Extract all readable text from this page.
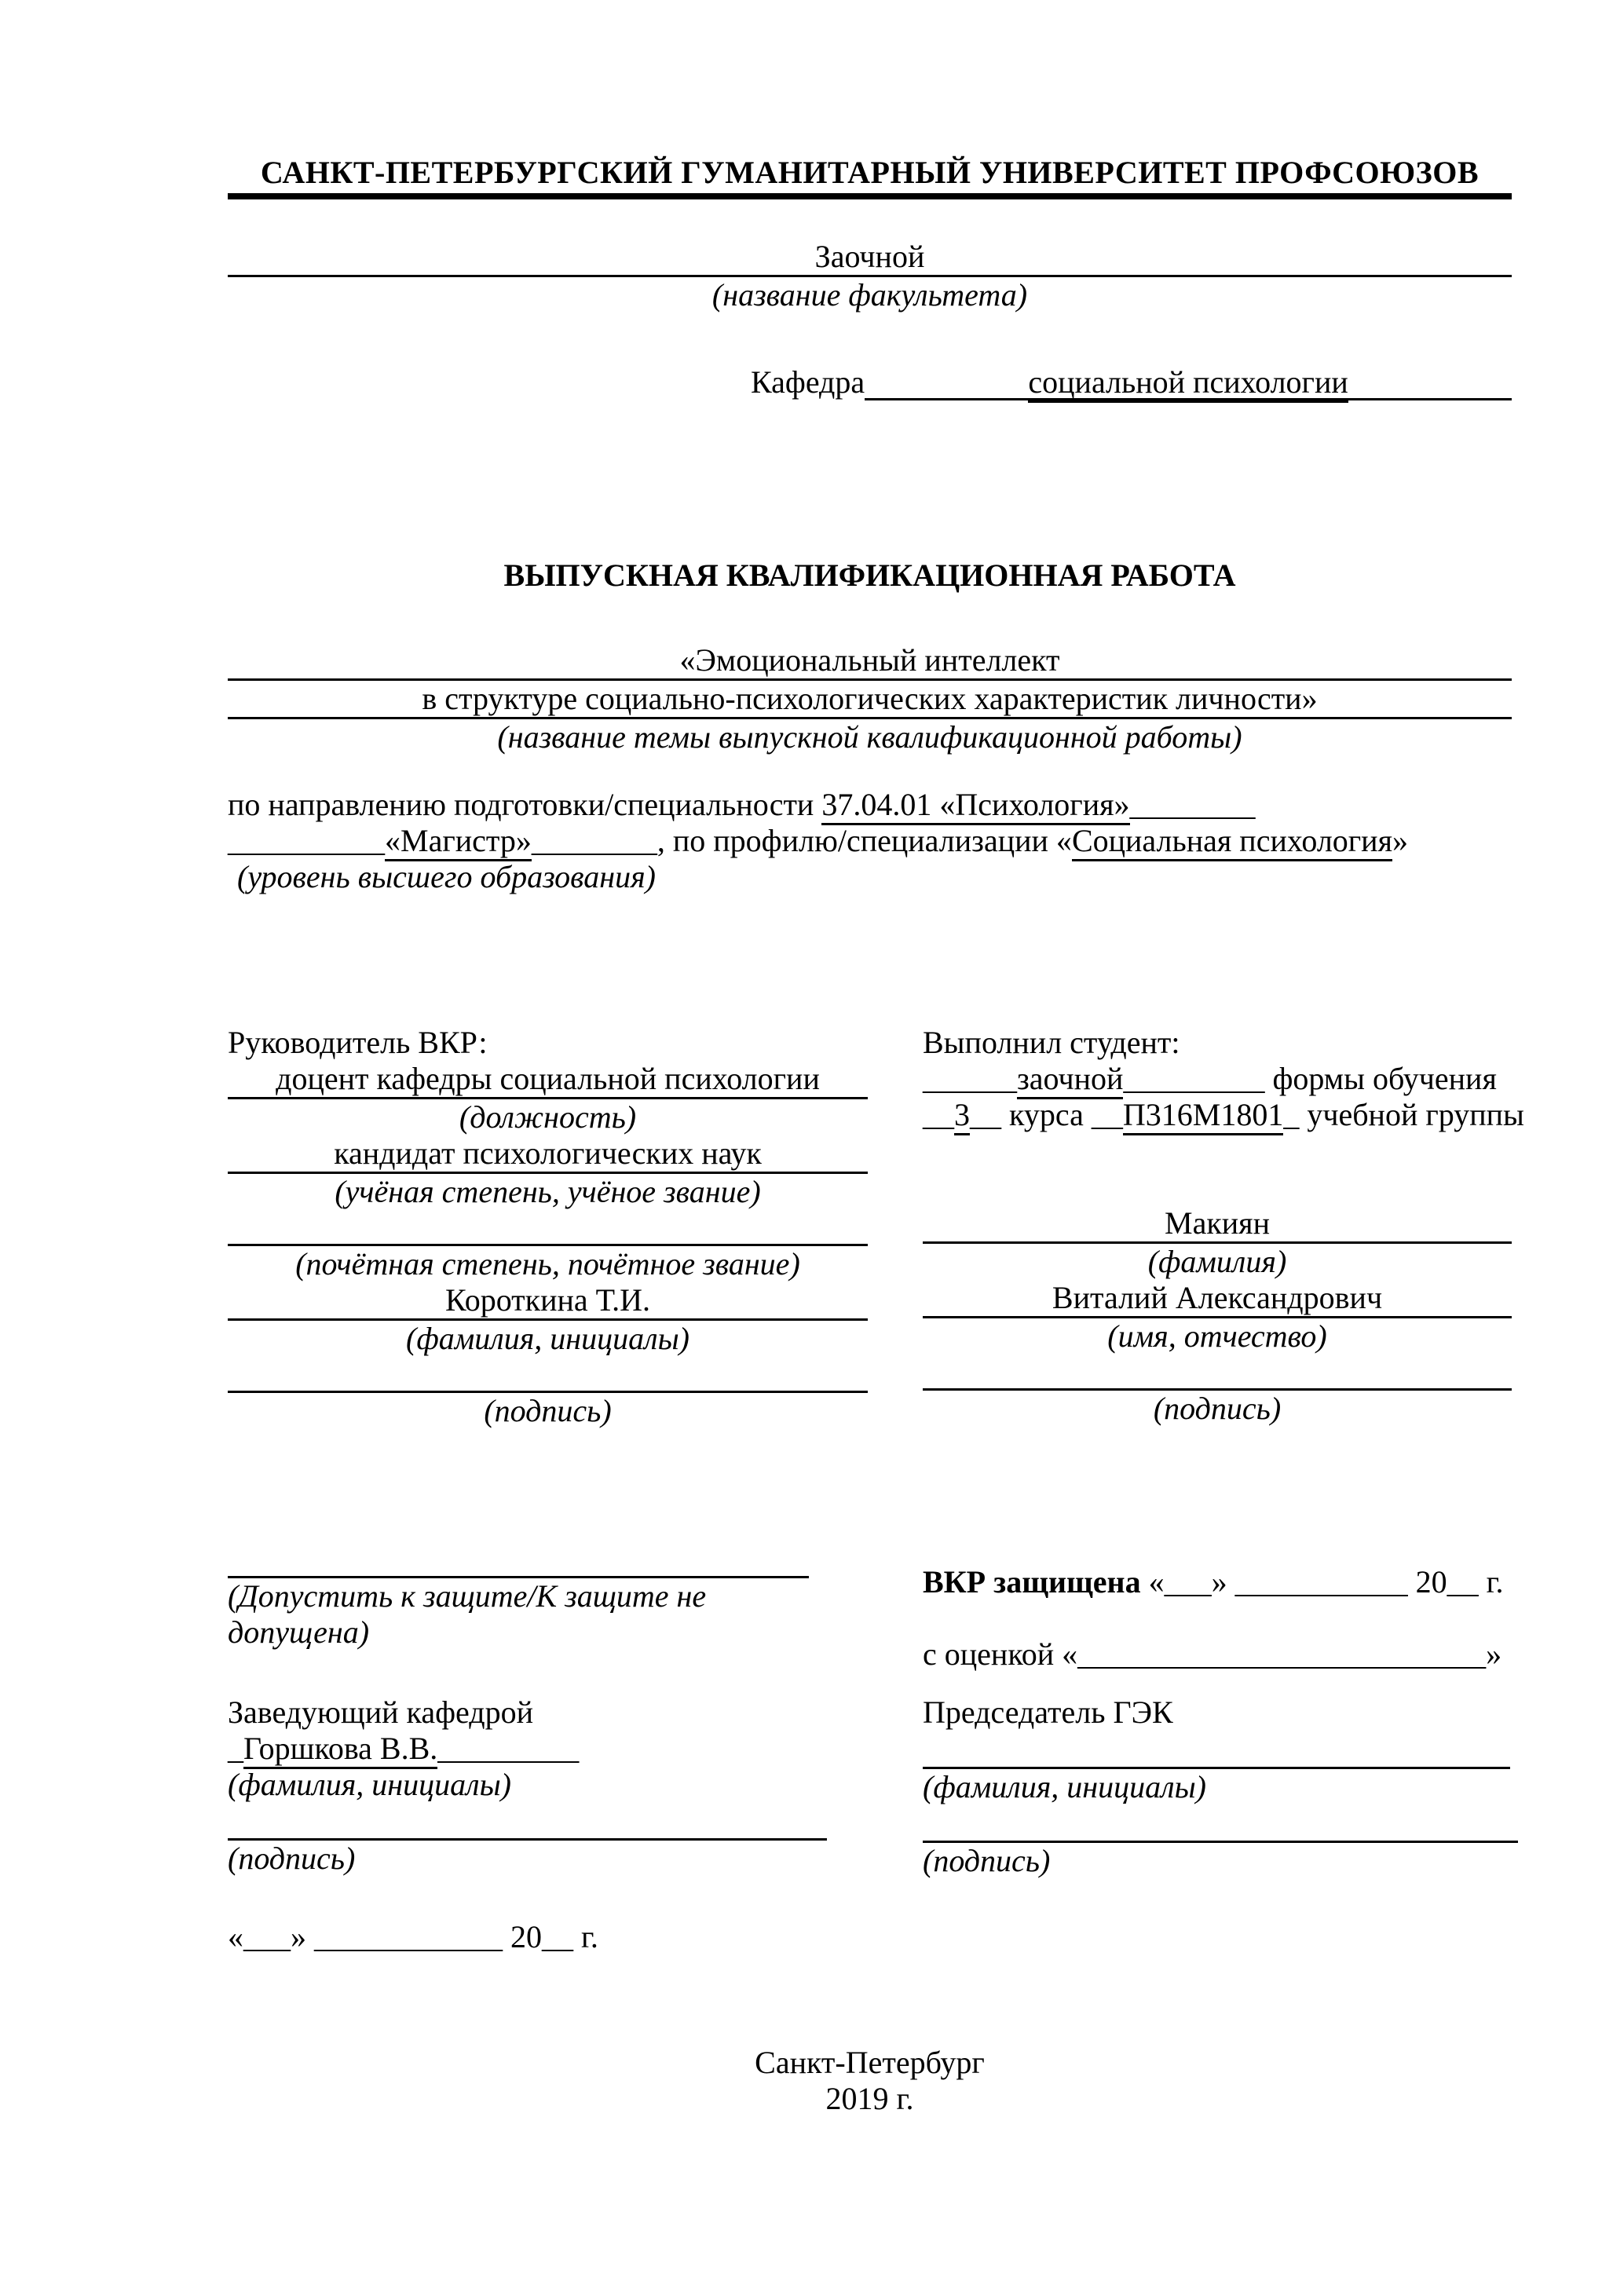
САНКТ-ПЕТЕРБУРГСКИЙ ГУМАНИТАРНЫЙ УНИВЕРСИТЕТ ПРОФСОЮЗОВ
Заочной
(название факультета)
Кафедра	социальной психологии
ВЫПУСКНАЯ КВАЛИФИКАЦИОННАЯ РАБОТА
«Эмоциональный интеллект
в структуре социально-психологических характеристик личности»
(название темы выпускной квалификационной работы)
по направлению подготовки/специальности 37.04.01 «Психология»________
__________«Магистр»________, по профилю/специализации «Социальная психология»
(уровень высшего образования)
Руководитель ВКР:
доцент кафедры социальной психологии
(должность)
кандидат психологических наук
(учёная степень, учёное звание)
(почётная степень, почётное звание)
Короткина Т.И.
(фамилия, инициалы)
(подпись)
Выполнил студент:
______заочной_________ формы обучения
__3__ курса __П316М1801_ учебной группы
Макиян
(фамилия)
Виталий Александрович
(имя, отчество)
(подпись)
(Допустить к защите/К защите не допущена)
Заведующий кафедрой
_Горшкова В.В._________
(фамилия, инициалы)
(подпись)
«___» ____________ 20__ г.
ВКР защищена «___» ___________ 20__ г.
с оценкой «__________________________»
Председатель ГЭК
(фамилия, инициалы)
(подпись)
Санкт-Петербург
2019 г.
